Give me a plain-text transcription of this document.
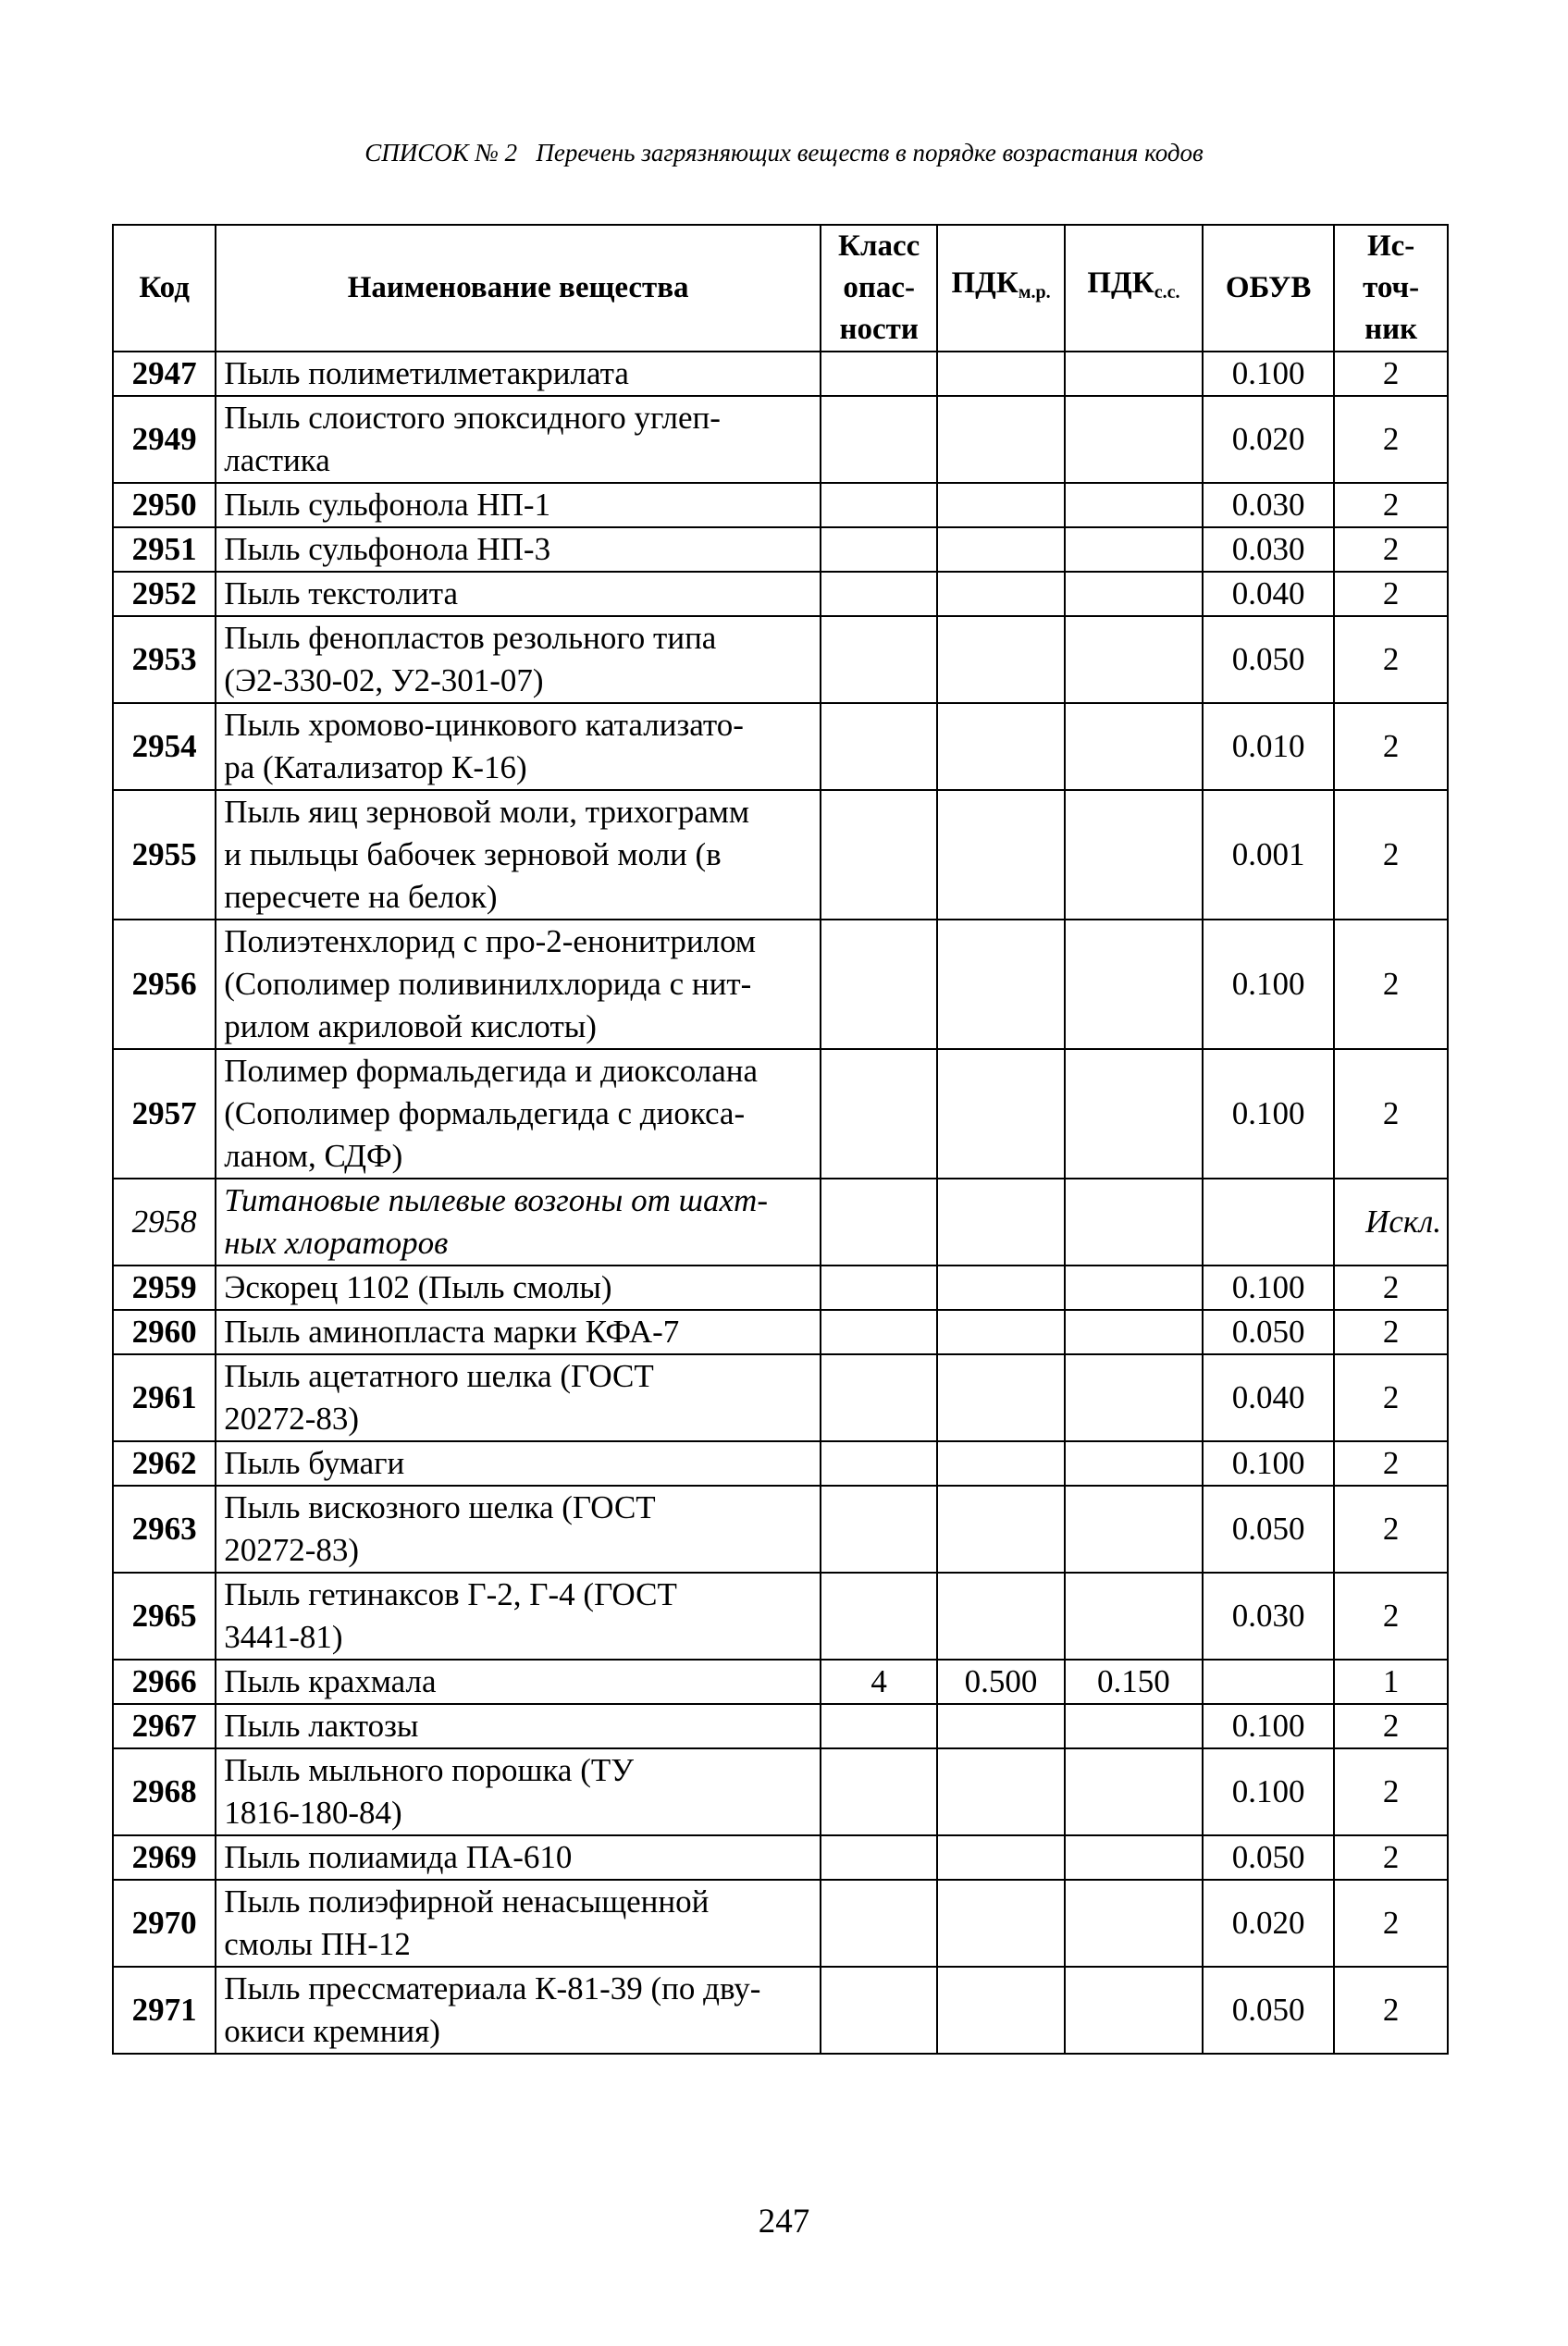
СПИСОК № 2 Перечень загрязняющих веществ в порядке возрастания кодов
Код	Наименование вещества	Класс
опас-
ности	$ПДК_{м.р.}$	$ПДК_{с.с.}$	ОБУВ	Ис-
точ-
ник
2947	Пыль полиметилметакрилата				0.100	2
2949	Пыль слоистого эпоксидного углеп-
ластика				0.020	2
2950	Пыль сульфонола НП-1				0.030	2
2951	Пыль сульфонола НП-3				0.030	2
2952	Пыль текстолита				0.040	2
2953	Пыль фенопластов резольного типа
(Э2-330-02, У2-301-07)				0.050	2
2954	Пыль хромово-цинкового катализато-
ра (Катализатор К-16)				0.010	2
2955	Пыль яиц зерновой моли, трихограмм
и пыльцы бабочек зерновой моли (в
пересчете на белок)				0.001	2
2956	Полиэтенхлорид с про-2-енонитрилом
(Сополимер поливинилхлорида с нит-
рилом акриловой кислоты)				0.100	2
2957	Полимер формальдегида и диоксолана
(Сополимер формальдегида с диокса-
ланом, СДФ)				0.100	2
2958	Титановые пылевые возгоны от шахт-
ных хлораторов					Искл.
2959	Эскорец 1102 (Пыль смолы)				0.100	2
2960	Пыль аминопласта марки КФА-7				0.050	2
2961	Пыль ацетатного шелка (ГОСТ
20272-83)				0.040	2
2962	Пыль бумаги				0.100	2
2963	Пыль вискозного шелка (ГОСТ
20272-83)				0.050	2
2965	Пыль гетинаксов Г-2, Г-4 (ГОСТ
3441-81)				0.030	2
2966	Пыль крахмала	4	0.500	0.150		1
2967	Пыль лактозы				0.100	2
2968	Пыль мыльного порошка (ТУ
1816-180-84)				0.100	2
2969	Пыль полиамида ПА-610				0.050	2
2970	Пыль полиэфирной ненасыщенной
смолы ПН-12				0.020	2
2971	Пыль прессматериала К-81-39 (по дву-
окиси кремния)				0.050	2
247
